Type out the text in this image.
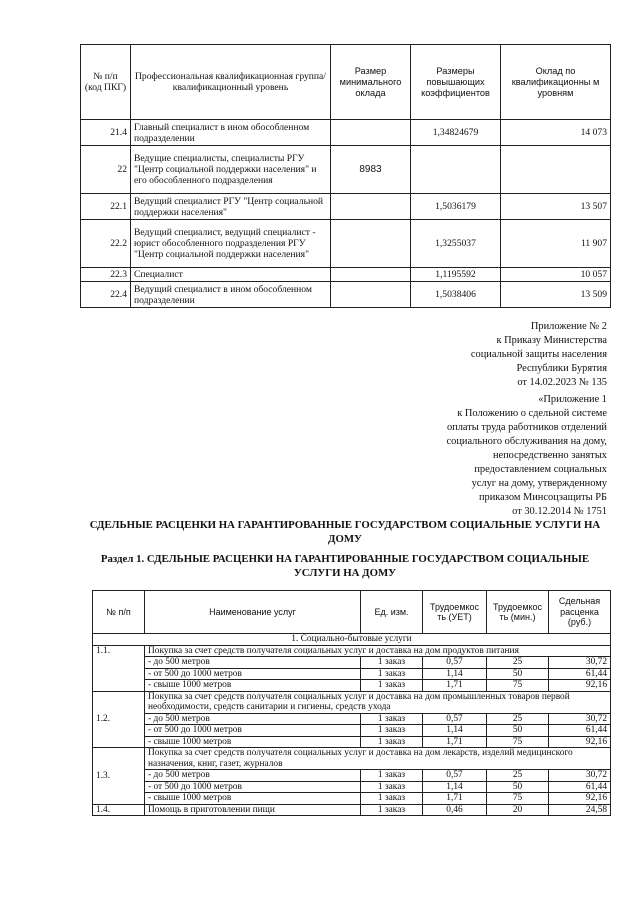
№ п/п (код ПКГ)	Профессиональная квалификационная группа/квалификационный уровень	Размер минимального оклада	Размеры повышающих коэффициентов	Оклад по квалификационны м уровням
21.4	Главный специалист в ином обособленном подразделении		1,34824679	14 073
22	Ведущие специалисты, специалисты РГУ "Центр социальной поддержки населения" и его обособленного подразделения	8983		
22.1	Ведущий специалист РГУ "Центр социальной поддержки населения"		1,5036179	13 507
22.2	Ведущий специалист, ведущий специалист - юрист обособленного подразделения РГУ "Центр социальной поддержки населения"		1,3255037	11 907
22.3	Специалист		1,1195592	10 057
22.4	Ведущий специалист в ином обособленном подразделении		1,5038406	13 509
Приложение № 2
к Приказу Министерства
социальной защиты населения
Республики Бурятия
от 14.02.2023 № 135
«Приложение 1
к Положению о сдельной системе
оплаты труда работников отделений
социального обслуживания на дому,
непосредственно занятых
предоставлением социальных
услуг на дому, утвержденному
приказом Минсоцзащиты РБ
от 30.12.2014 № 1751
СДЕЛЬНЫЕ РАСЦЕНКИ НА ГАРАНТИРОВАННЫЕ ГОСУДАРСТВОМ СОЦИАЛЬНЫЕ УСЛУГИ НА ДОМУ
Раздел 1. СДЕЛЬНЫЕ РАСЦЕНКИ НА ГАРАНТИРОВАННЫЕ ГОСУДАРСТВОМ СОЦИАЛЬНЫЕ УСЛУГИ НА ДОМУ
№ п/п	Наименование услуг	Ед. изм.	Трудоемкос ть (УЕТ)	Трудоемкос ть (мин.)	Сдельная расценка (руб.)
1. Социально-бытовые услуги					
1.1.	Покупка за счет средств получателя социальных услуг и доставка на дом продуктов питания				
	- до 500 метров	1 заказ	0,57	25	30,72
	- от 500 до 1000 метров	1 заказ	1,14	50	61,44
	- свыше 1000 метров	1 заказ	1,71	75	92,16
1.2.	Покупка за счет средств получателя социальных услуг и доставка на дом промышленных товаров первой необходимости, средств санитарии и гигиены, средств ухода				
	- до 500 метров	1 заказ	0,57	25	30,72
	- от 500 до 1000 метров	1 заказ	1,14	50	61,44
	- свыше 1000 метров	1 заказ	1,71	75	92,16
1.3.	Покупка за счет средств получателя социальных услуг и доставка на дом лекарств, изделий медицинского назначения, книг, газет, журналов				
	- до 500 метров	1 заказ	0,57	25	30,72
	- от 500 до 1000 метров	1 заказ	1,14	50	61,44
	- свыше 1000 метров	1 заказ	1,71	75	92,16
1.4.	Помощь в приготовлении пищи	1 заказ	0,46	20	24,58
